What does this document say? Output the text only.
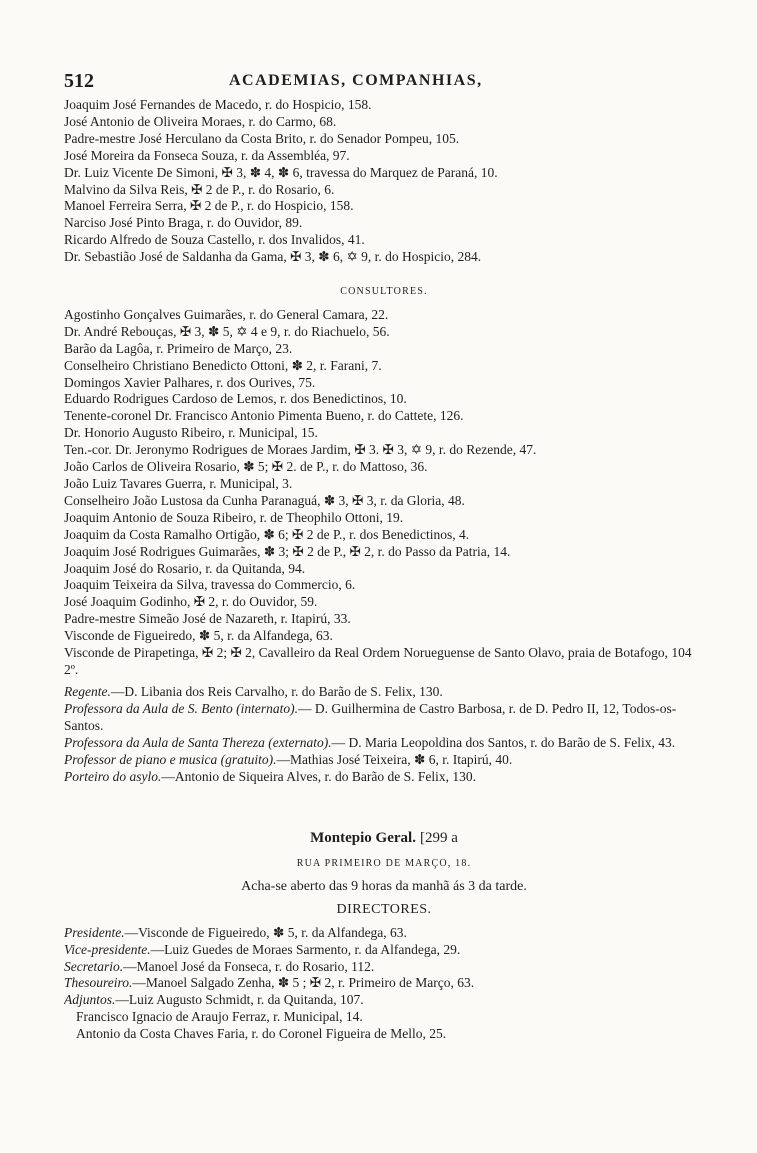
512	ACADEMIAS, COMPANHIAS,
Joaquim José Fernandes de Macedo, r. do Hospicio, 158.
José Antonio de Oliveira Moraes, r. do Carmo, 68.
Padre-mestre José Herculano da Costa Brito, r. do Senador Pompeu, 105.
José Moreira da Fonseca Souza, r. da Assembléa, 97.
Dr. Luiz Vicente De Simoni, ✠ 3, ✽ 4, ✽ 6, travessa do Marquez de Paraná, 10.
Malvino da Silva Reis, ✠ 2 de P., r. do Rosario, 6.
Manoel Ferreira Serra, ✠ 2 de P., r. do Hospicio, 158.
Narciso José Pinto Braga, r. do Ouvidor, 89.
Ricardo Alfredo de Souza Castello, r. dos Invalidos, 41.
Dr. Sebastião José de Saldanha da Gama, ✠ 3, ✽ 6, ✡ 9, r. do Hospicio, 284.
CONSULTORES.
Agostinho Gonçalves Guimarães, r. do General Camara, 22.
Dr. André Rebouças, ✠ 3, ✽ 5, ✡ 4 e 9, r. do Riachuelo, 56.
Barão da Lagôa, r. Primeiro de Março, 23.
Conselheiro Christiano Benedicto Ottoni, ✽ 2, r. Farani, 7.
Domingos Xavier Palhares, r. dos Ourives, 75.
Eduardo Rodrigues Cardoso de Lemos, r. dos Benedictinos, 10.
Tenente-coronel Dr. Francisco Antonio Pimenta Bueno, r. do Cattete, 126.
Dr. Honorio Augusto Ribeiro, r. Municipal, 15.
Ten.-cor. Dr. Jeronymo Rodrigues de Moraes Jardim, ✠ 3. ✠ 3, ✡ 9, r. do Rezende, 47.
João Carlos de Oliveira Rosario, ✽ 5; ✠ 2. de P., r. do Mattoso, 36.
João Luiz Tavares Guerra, r. Municipal, 3.
Conselheiro João Lustosa da Cunha Paranaguá, ✽ 3, ✠ 3, r. da Gloria, 48.
Joaquim Antonio de Souza Ribeiro, r. de Theophilo Ottoni, 19.
Joaquim da Costa Ramalho Ortigão, ✽ 6; ✠ 2 de P., r. dos Benedictinos, 4.
Joaquim José Rodrigues Guimarães, ✽ 3; ✠ 2 de P., ✠ 2, r. do Passo da Patria, 14.
Joaquim José do Rosario, r. da Quitanda, 94.
Joaquim Teixeira da Silva, travessa do Commercio, 6.
José Joaquim Godinho, ✠ 2, r. do Ouvidor, 59.
Padre-mestre Simeão José de Nazareth, r. Itapirú, 33.
Visconde de Figueiredo, ✽ 5, r. da Alfandega, 63.
Visconde de Pirapetinga, ✠ 2; ✠ 2, Cavalleiro da Real Ordem Norueguense de Santo Olavo, praia de Botafogo, 104 2º.
Regente.—D. Libania dos Reis Carvalho, r. do Barão de S. Felix, 130.
Professora da Aula de S. Bento (internato).— D. Guilhermina de Castro Barbosa, r. de D. Pedro II, 12, Todos-os-Santos.
Professora da Aula de Santa Thereza (externato).— D. Maria Leopoldina dos Santos, r. do Barão de S. Felix, 43.
Professor de piano e musica (gratuito).—Mathias José Teixeira, ✽ 6, r. Itapirú, 40.
Porteiro do asylo.—Antonio de Siqueira Alves, r. do Barão de S. Felix, 130.
Montepio Geral. [299 a
RUA PRIMEIRO DE MARÇO, 18.
Acha-se aberto das 9 horas da manhã ás 3 da tarde.
DIRECTORES.
Presidente.—Visconde de Figueiredo, ✽ 5, r. da Alfandega, 63.
Vice-presidente.—Luiz Guedes de Moraes Sarmento, r. da Alfandega, 29.
Secretario.—Manoel José da Fonseca, r. do Rosario, 112.
Thesoureiro.—Manoel Salgado Zenha, ✽ 5 ; ✠ 2, r. Primeiro de Março, 63.
Adjuntos.—Luiz Augusto Schmidt, r. da Quitanda, 107.
Francisco Ignacio de Araujo Ferraz, r. Municipal, 14.
Antonio da Costa Chaves Faria, r. do Coronel Figueira de Mello, 25.
